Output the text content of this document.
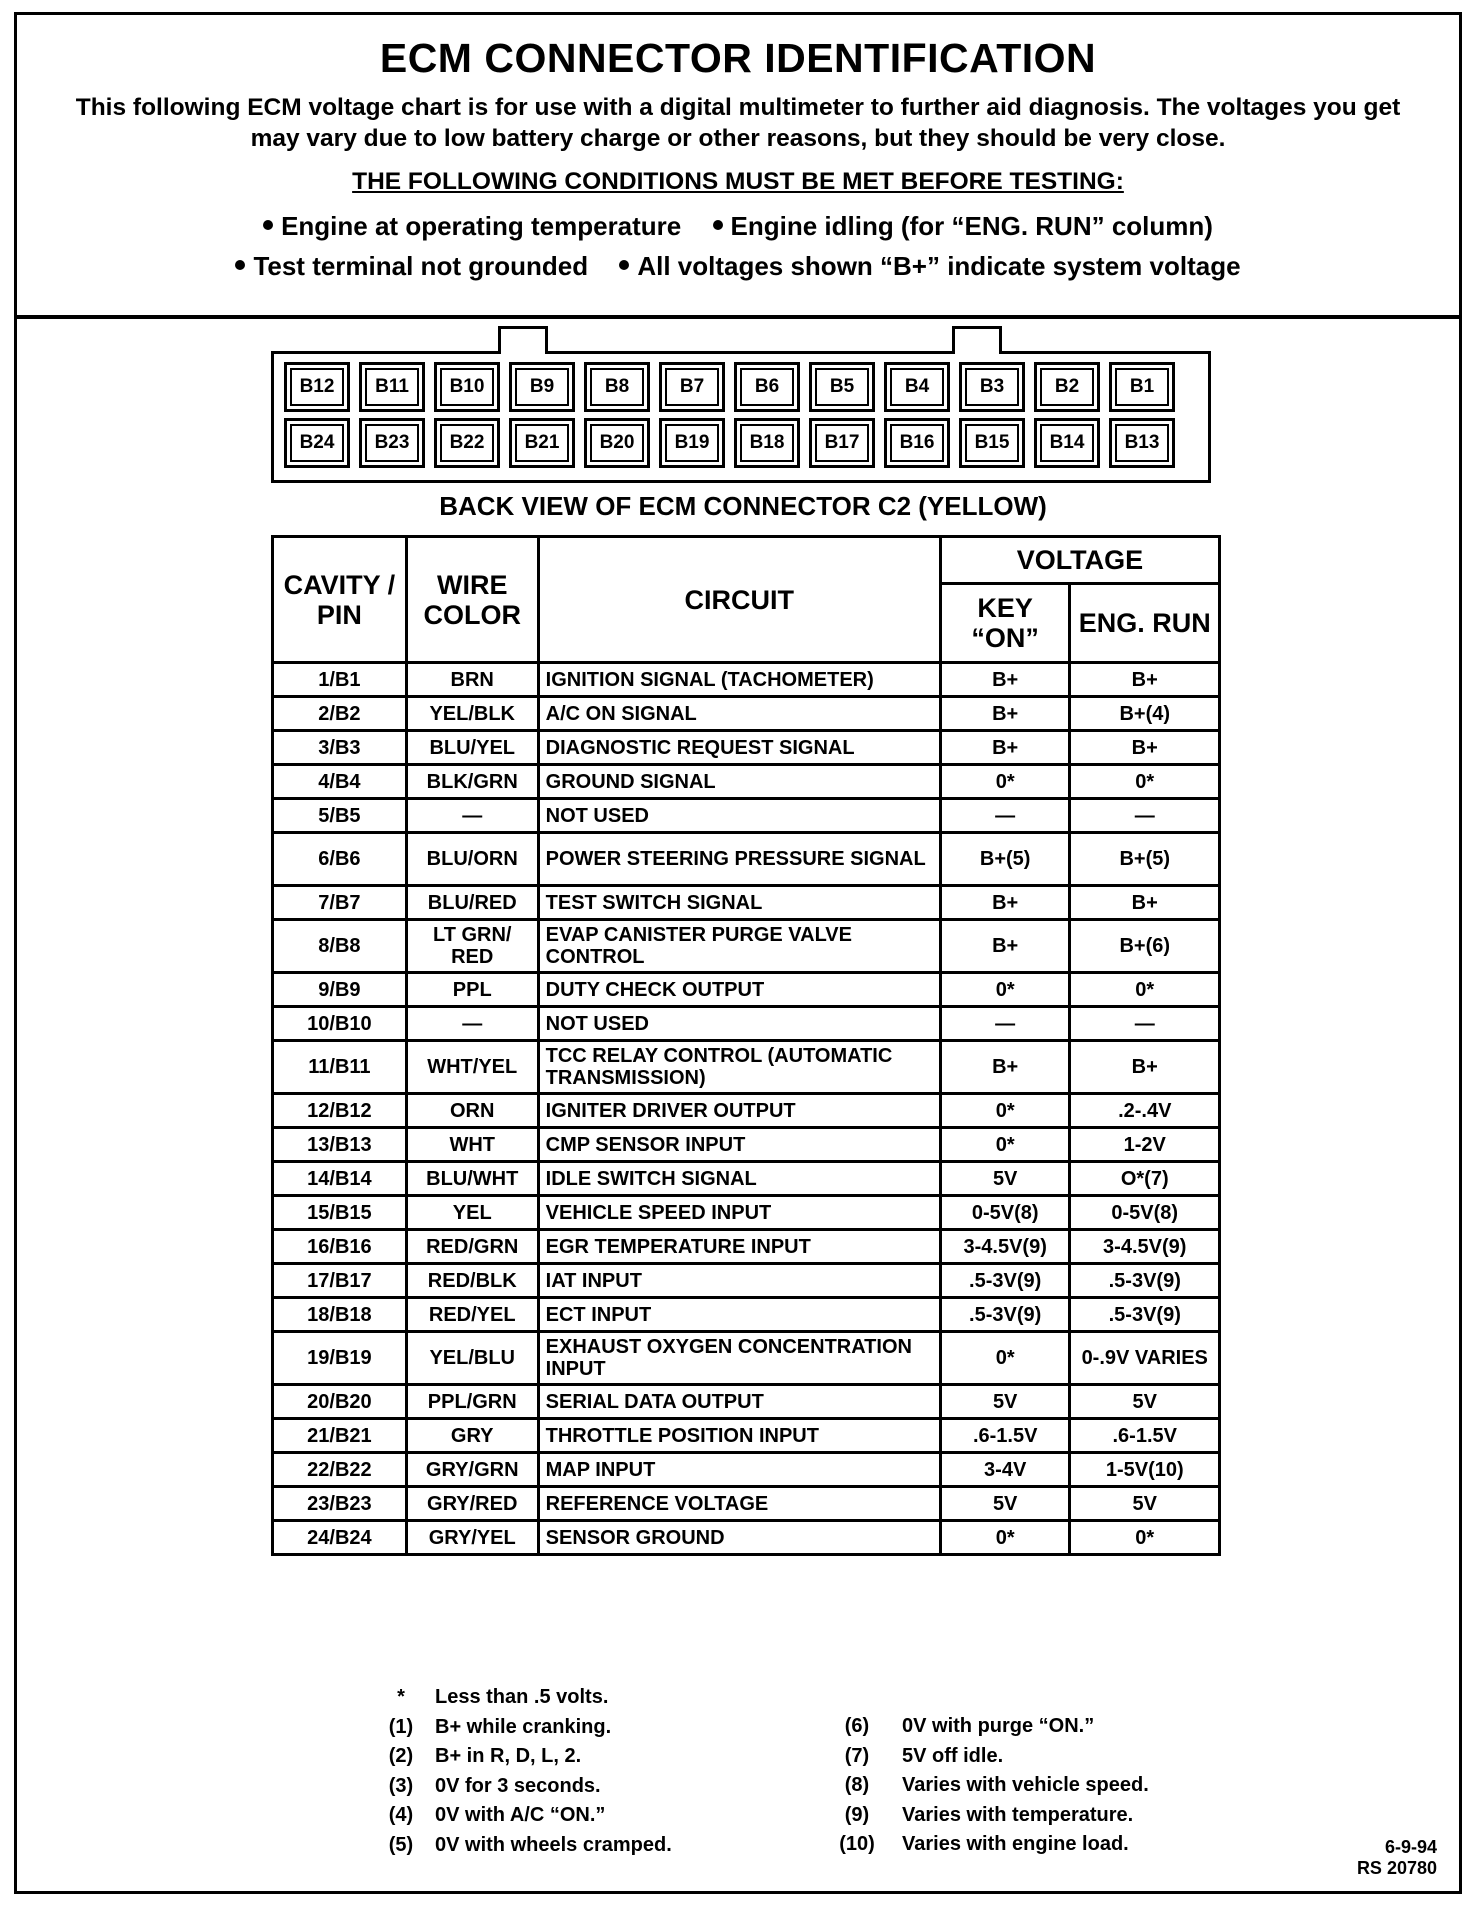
ECM CONNECTOR IDENTIFICATION
This following ECM voltage chart is for use with a digital multimeter to further aid diagnosis. The voltages you get may vary due to low battery charge or other reasons, but they should be very close.
THE FOLLOWING CONDITIONS MUST BE MET BEFORE TESTING:
Engine at operating temperature Engine idling (for “ENG. RUN” column)
Test terminal not grounded All voltages shown “B+” indicate system voltage
B12	B11	B10	B9	B8	B7	B6	B5	B4	B3	B2	B1
B24	B23	B22	B21	B20	B19	B18	B17	B16	B15	B14	B13
BACK VIEW OF ECM CONNECTOR C2 (YELLOW)
CAVITY / PIN	WIRE COLOR	CIRCUIT	VOLTAGE	
			KEY “ON”	ENG. RUN
1/B1	BRN	IGNITION SIGNAL (TACHOMETER)	B+	B+
2/B2	YEL/BLK	A/C ON SIGNAL	B+	B+(4)
3/B3	BLU/YEL	DIAGNOSTIC REQUEST SIGNAL	B+	B+
4/B4	BLK/GRN	GROUND SIGNAL	0*	0*
5/B5	—	NOT USED	—	—
6/B6	BLU/ORN	POWER STEERING PRESSURE SIGNAL	B+(5)	B+(5)
7/B7	BLU/RED	TEST SWITCH SIGNAL	B+	B+
8/B8	LT GRN/ RED	EVAP CANISTER PURGE VALVE CONTROL	B+	B+(6)
9/B9	PPL	DUTY CHECK OUTPUT	0*	0*
10/B10	—	NOT USED	—	—
11/B11	WHT/YEL	TCC RELAY CONTROL (AUTOMATIC TRANSMISSION)	B+	B+
12/B12	ORN	IGNITER DRIVER OUTPUT	0*	.2-.4V
13/B13	WHT	CMP SENSOR INPUT	0*	1-2V
14/B14	BLU/WHT	IDLE SWITCH SIGNAL	5V	O*(7)
15/B15	YEL	VEHICLE SPEED INPUT	0-5V(8)	0-5V(8)
16/B16	RED/GRN	EGR TEMPERATURE INPUT	3-4.5V(9)	3-4.5V(9)
17/B17	RED/BLK	IAT INPUT	.5-3V(9)	.5-3V(9)
18/B18	RED/YEL	ECT INPUT	.5-3V(9)	.5-3V(9)
19/B19	YEL/BLU	EXHAUST OXYGEN CONCENTRATION INPUT	0*	0-.9V VARIES
20/B20	PPL/GRN	SERIAL DATA OUTPUT	5V	5V
21/B21	GRY	THROTTLE POSITION INPUT	.6-1.5V	.6-1.5V
22/B22	GRY/GRN	MAP INPUT	3-4V	1-5V(10)
23/B23	GRY/RED	REFERENCE VOLTAGE	5V	5V
24/B24	GRY/YEL	SENSOR GROUND	0*	0*
*	Less than .5 volts.
(1)	B+ while cranking.
(2)	B+ in R, D, L, 2.
(3)	0V for 3 seconds.
(4)	0V with A/C “ON.”
(5)	0V with wheels cramped.
(6)	0V with purge “ON.”
(7)	5V off idle.
(8)	Varies with vehicle speed.
(9)	Varies with temperature.
(10)	Varies with engine load.	6-9-94
RS 20780
